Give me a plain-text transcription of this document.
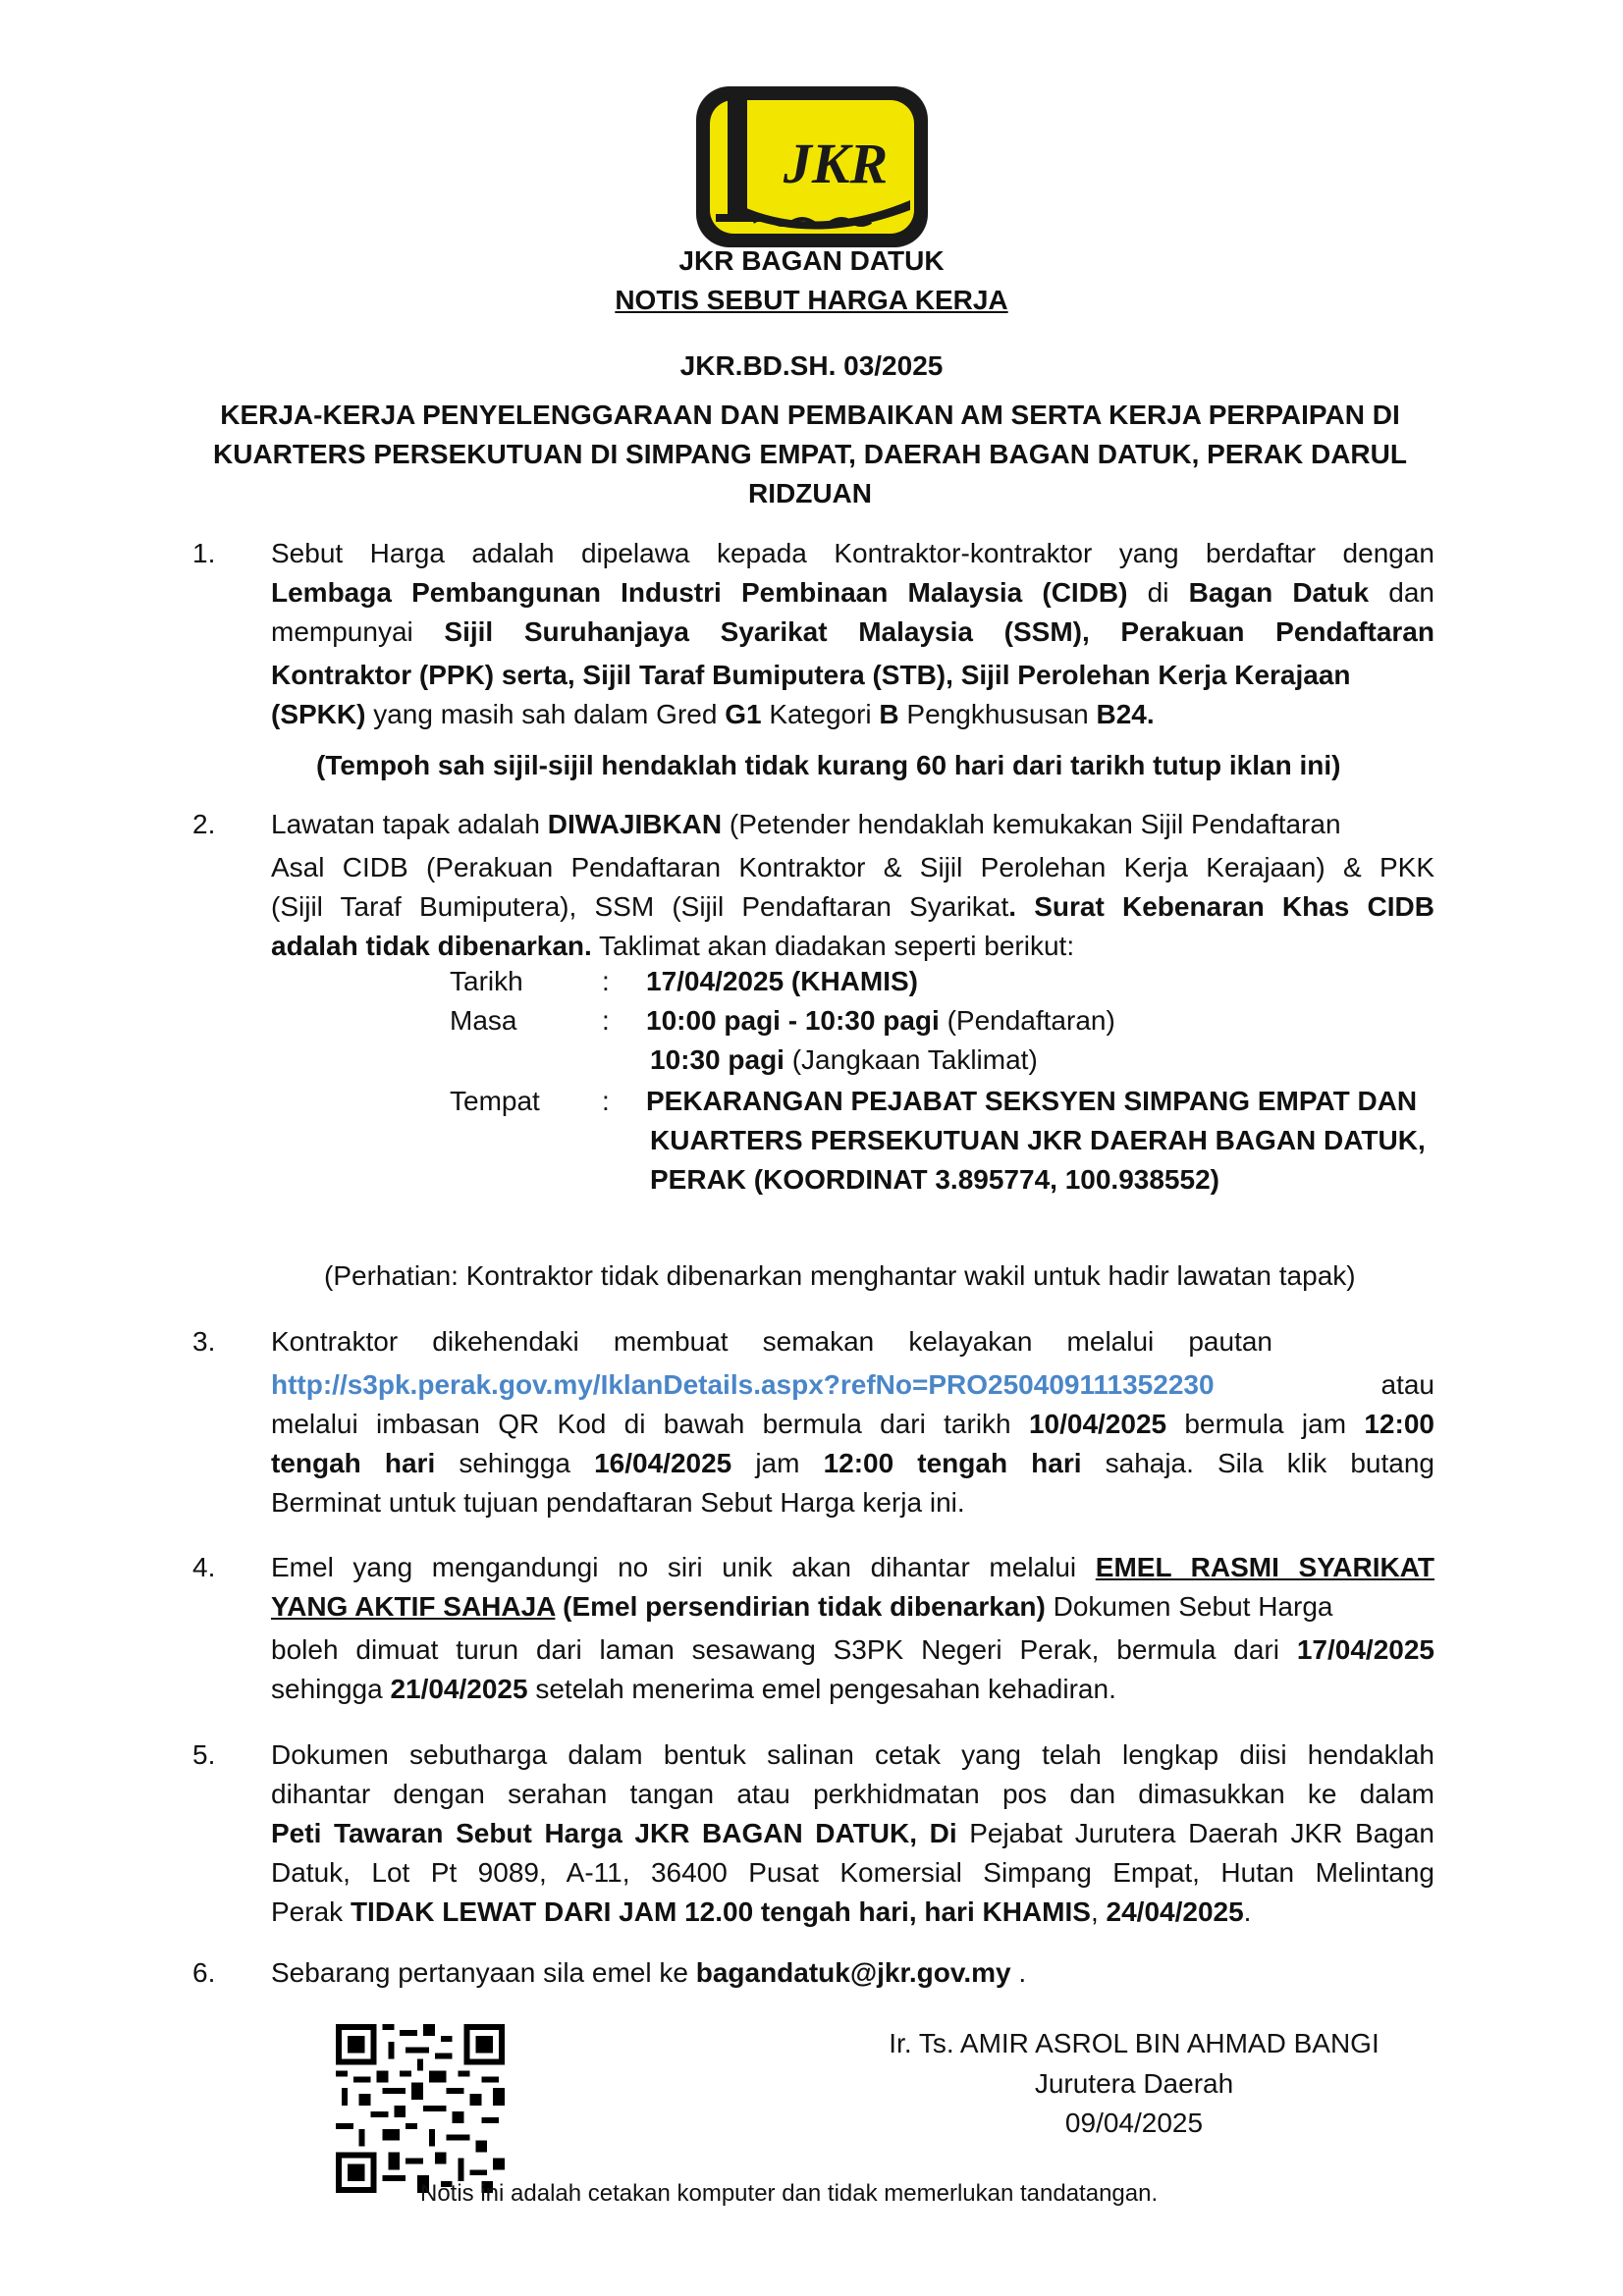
JKR
JKR BAGAN DATUK
NOTIS SEBUT HARGA KERJA
JKR.BD.SH. 03/2025
KERJA-KERJA PENYELENGGARAAN DAN PEMBAIKAN AM SERTA KERJA PERPAIPAN DI
KUARTERS PERSEKUTUAN DI SIMPANG EMPAT, DAERAH BAGAN DATUK, PERAK DARUL
RIDZUAN
1. Sebut Harga adalah dipelawa kepada Kontraktor-kontraktor yang berdaftar dengan
Lembaga Pembangunan Industri Pembinaan Malaysia (CIDB) di Bagan Datuk dan
mempunyai Sijil Suruhanjaya Syarikat Malaysia (SSM), Perakuan Pendaftaran
Kontraktor (PPK) serta, Sijil Taraf Bumiputera (STB), Sijil Perolehan Kerja Kerajaan
(SPKK) yang masih sah dalam Gred G1 Kategori B Pengkhususan B24.
(Tempoh sah sijil-sijil hendaklah tidak kurang 60 hari dari tarikh tutup iklan ini)
2. Lawatan tapak adalah DIWAJIBKAN (Petender hendaklah kemukakan Sijil Pendaftaran
Asal CIDB (Perakuan Pendaftaran Kontraktor & Sijil Perolehan Kerja Kerajaan) & PKK
(Sijil Taraf Bumiputera), SSM (Sijil Pendaftaran Syarikat. Surat Kebenaran Khas CIDB
adalah tidak dibenarkan. Taklimat akan diadakan seperti berikut:
Tarikh	: 17/04/2025 (KHAMIS)
Masa	: 10:00 pagi - 10:30 pagi (Pendaftaran)
10:30 pagi (Jangkaan Taklimat)
Tempat : PEKARANGAN PEJABAT SEKSYEN SIMPANG EMPAT DAN
KUARTERS PERSEKUTUAN JKR DAERAH BAGAN DATUK,
PERAK (KOORDINAT 3.895774, 100.938552)
(Perhatian: Kontraktor tidak dibenarkan menghantar wakil untuk hadir lawatan tapak)
3. Kontraktor dikehendaki membuat semakan kelayakan melalui pautan
http://s3pk.perak.gov.my/IklanDetails.aspx?refNo=PRO250409111352230	atau
melalui imbasan QR Kod di bawah bermula dari tarikh 10/04/2025 bermula jam 12:00
tengah hari sehingga 16/04/2025 jam 12:00 tengah hari sahaja. Sila klik butang
Berminat untuk tujuan pendaftaran Sebut Harga kerja ini.
4. Emel yang mengandungi no siri unik akan dihantar melalui EMEL RASMI SYARIKAT
YANG AKTIF SAHAJA (Emel persendirian tidak dibenarkan) Dokumen Sebut Harga
boleh dimuat turun dari laman sesawang S3PK Negeri Perak, bermula dari 17/04/2025
sehingga 21/04/2025 setelah menerima emel pengesahan kehadiran.
5. Dokumen sebutharga dalam bentuk salinan cetak yang telah lengkap diisi hendaklah
dihantar dengan serahan tangan atau perkhidmatan pos dan dimasukkan ke dalam
Peti Tawaran Sebut Harga JKR BAGAN DATUK, Di Pejabat Jurutera Daerah JKR Bagan
Datuk, Lot Pt 9089, A-11, 36400 Pusat Komersial Simpang Empat, Hutan Melintang
Perak TIDAK LEWAT DARI JAM 12.00 tengah hari, hari KHAMIS, 24/04/2025.
6. Sebarang pertanyaan sila emel ke bagandatuk@jkr.gov.my .
Ir. Ts. AMIR ASROL BIN AHMAD BANGI
Jurutera Daerah
09/04/2025
Notis ini adalah cetakan komputer dan tidak memerlukan tandatangan.
